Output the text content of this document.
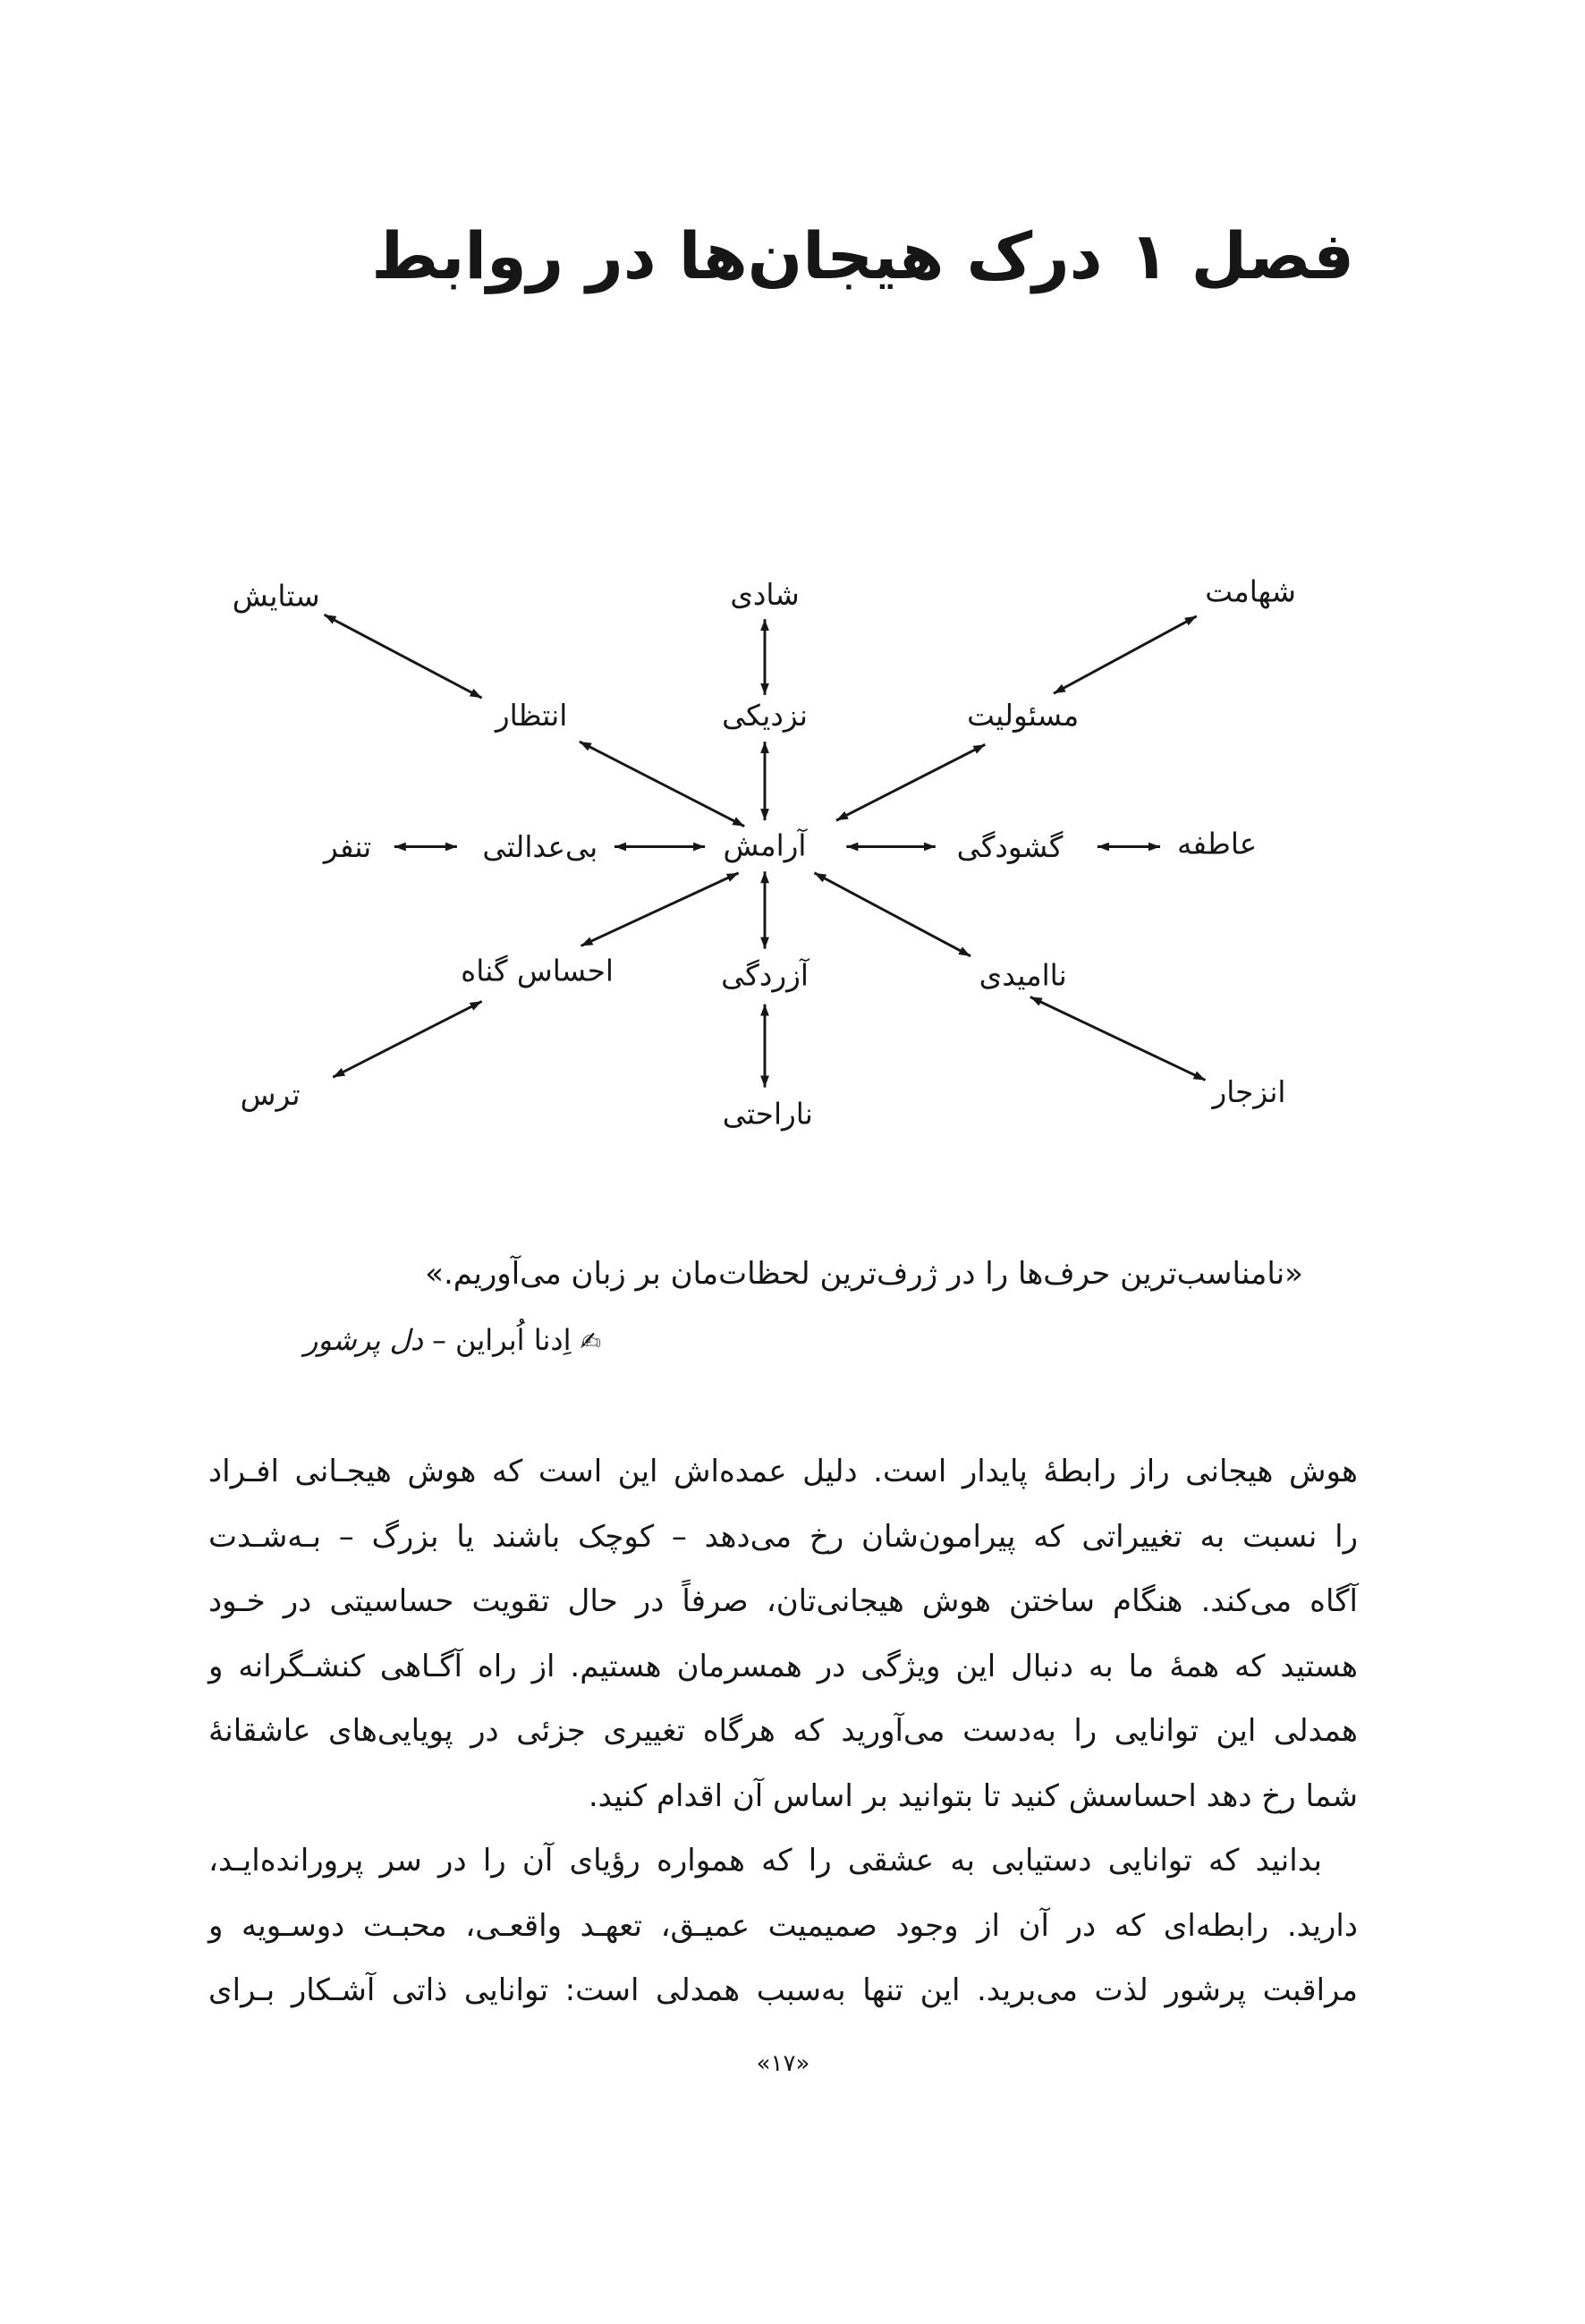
فصل ۱درک هیجان‌ها در روابط
ستایش	شادی	شهامت
انتظار	نزدیکی	مسئولیت
تنفر	بی‌عدالتی	آرامش	گشودگی	عاطفه
احساس گناه	آزردگی	ناامیدی
ترس
ناراحتی
انزجار
«نامناسب‌ترین حرف‌ها را در ژرف‌ترین لحظات‌مان بر زبان می‌آوریم.»
✍اِدنا اُبراین–دل پرشور
هوش هیجانی راز رابطهٔ پایدار است. دلیل عمده‌اش این است که هوش هیجـانی افـراد
را نسبت به تغییراتی که پیرامون‌شان رخ می‌دهد – کوچک باشند یا بزرگ – بـه‌شـدت
آگاه می‌کند. هنگام ساختن هوش هیجانی‌تان، صرفاً در حال تقویت حساسیتی در خـود
هستید که همهٔ ما به دنبال این ویژگی در همسرمان هستیم. از راه آگـاهی کنشـگرانه و
همدلی این توانایی را به‌دست می‌آورید که هرگاه تغییری جزئی در پویایی‌های عاشقانهٔ
شما رخ دهد احساسش کنید تا بتوانید بر اساس آن اقدام کنید.
بدانید که توانایی دستیابی به عشقی را که همواره رؤیای آن را در سر پرورانده‌ایـد،
دارید. رابطه‌ای که در آن از وجود صمیمیت عمیـق، تعهـد واقعـی، محبـت دوسـویه و
مراقبت پرشور لذت می‌برید. این تنها به‌سبب همدلی است: توانایی ذاتی آشـکار بـرای
«۱۷»
